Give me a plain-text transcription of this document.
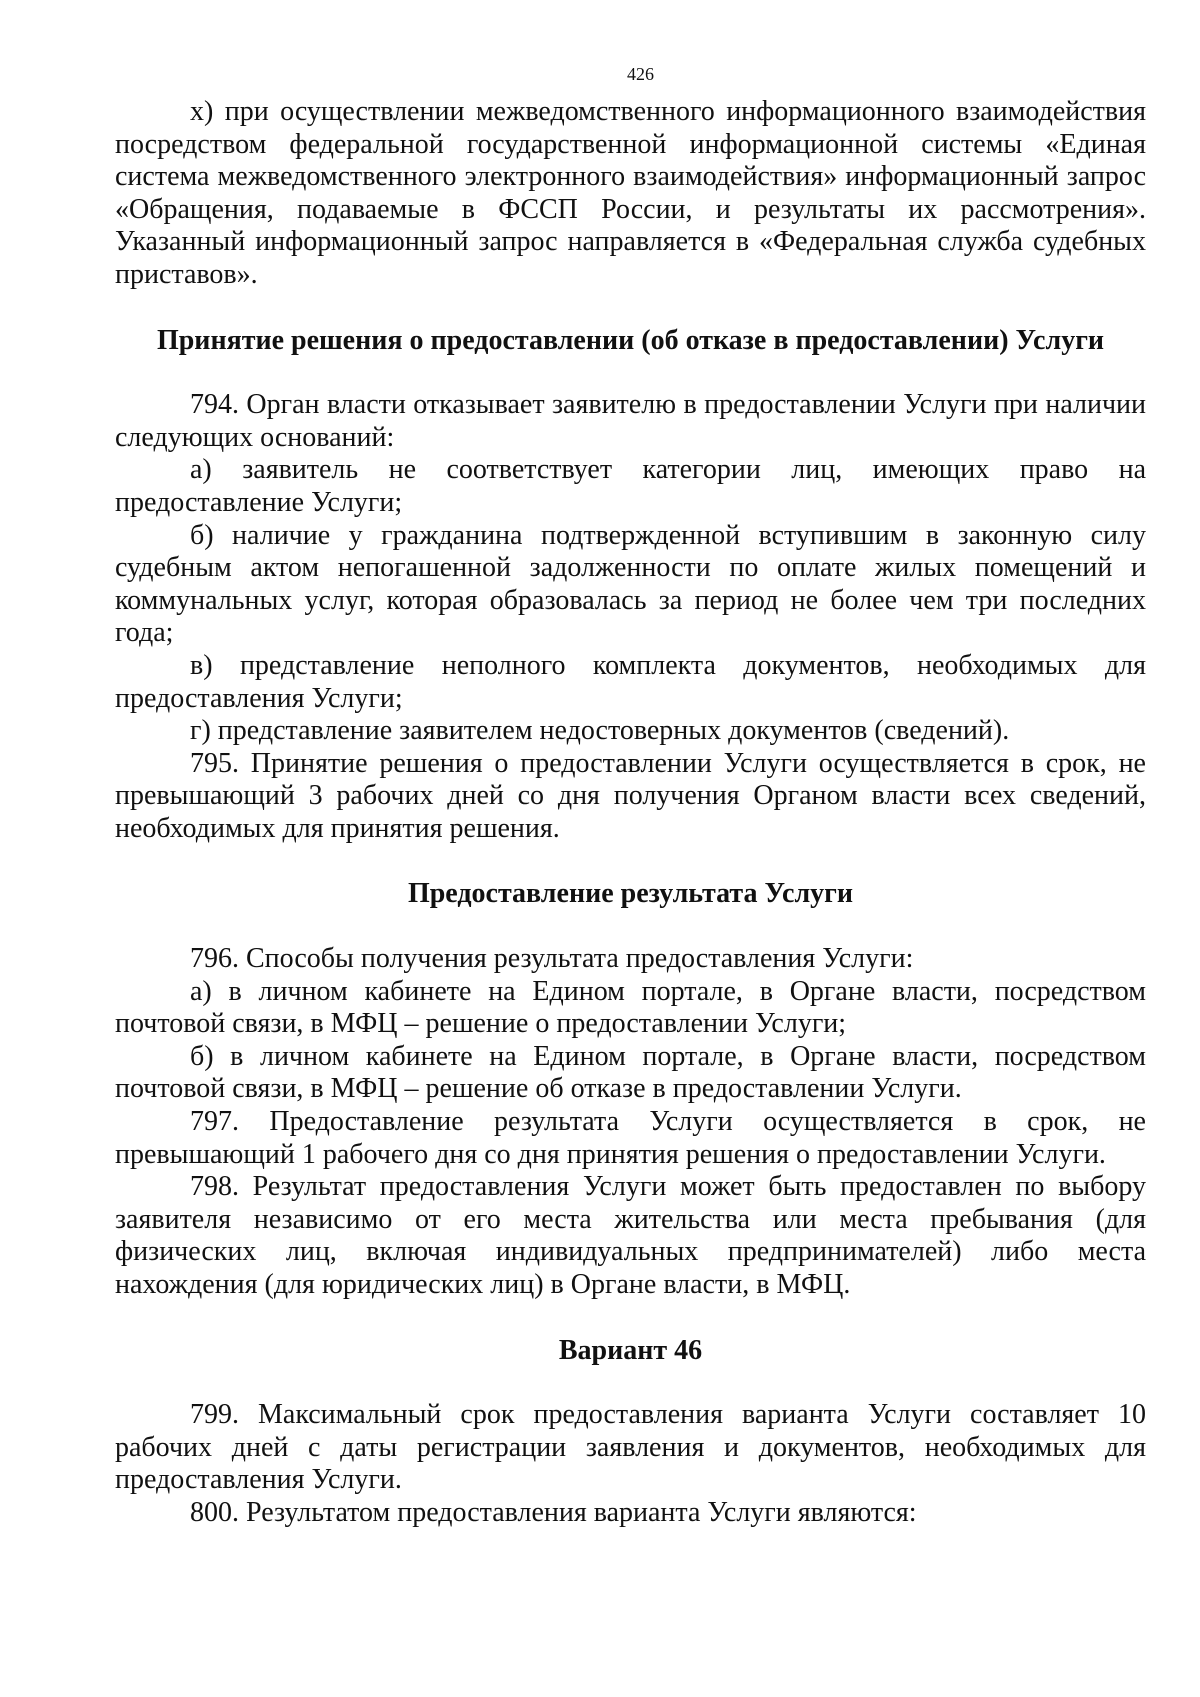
426

х) при осуществлении межведомственного информационного взаимодействия посредством федеральной государственной информационной системы «Единая система межведомственного электронного взаимодействия» информационный запрос «Обращения, подаваемые в ФССП России, и результаты их рассмотрения». Указанный информационный запрос направляется в «Федеральная служба судебных приставов».

Принятие решения о предоставлении (об отказе в предоставлении) Услуги

794. Орган власти отказывает заявителю в предоставлении Услуги при наличии следующих оснований:

а) заявитель не соответствует категории лиц, имеющих право на предоставление Услуги;

б) наличие у гражданина подтвержденной вступившим в законную силу судебным актом непогашенной задолженности по оплате жилых помещений и коммунальных услуг, которая образовалась за период не более чем три последних года;

в) представление неполного комплекта документов, необходимых для предоставления Услуги;

г) представление заявителем недостоверных документов (сведений).

795. Принятие решения о предоставлении Услуги осуществляется в срок, не превышающий 3 рабочих дней со дня получения Органом власти всех сведений, необходимых для принятия решения.

Предоставление результата Услуги

796. Способы получения результата предоставления Услуги:

а) в личном кабинете на Едином портале, в Органе власти, посредством почтовой связи, в МФЦ – решение о предоставлении Услуги;

б) в личном кабинете на Едином портале, в Органе власти, посредством почтовой связи, в МФЦ – решение об отказе в предоставлении Услуги.

797. Предоставление результата Услуги осуществляется в срок, не превышающий 1 рабочего дня со дня принятия решения о предоставлении Услуги.

798. Результат предоставления Услуги может быть предоставлен по выбору заявителя независимо от его места жительства или места пребывания (для физических лиц, включая индивидуальных предпринимателей) либо места нахождения (для юридических лиц) в Органе власти, в МФЦ.

Вариант 46

799. Максимальный срок предоставления варианта Услуги составляет 10 рабочих дней с даты регистрации заявления и документов, необходимых для предоставления Услуги.

800. Результатом предоставления варианта Услуги являются:
